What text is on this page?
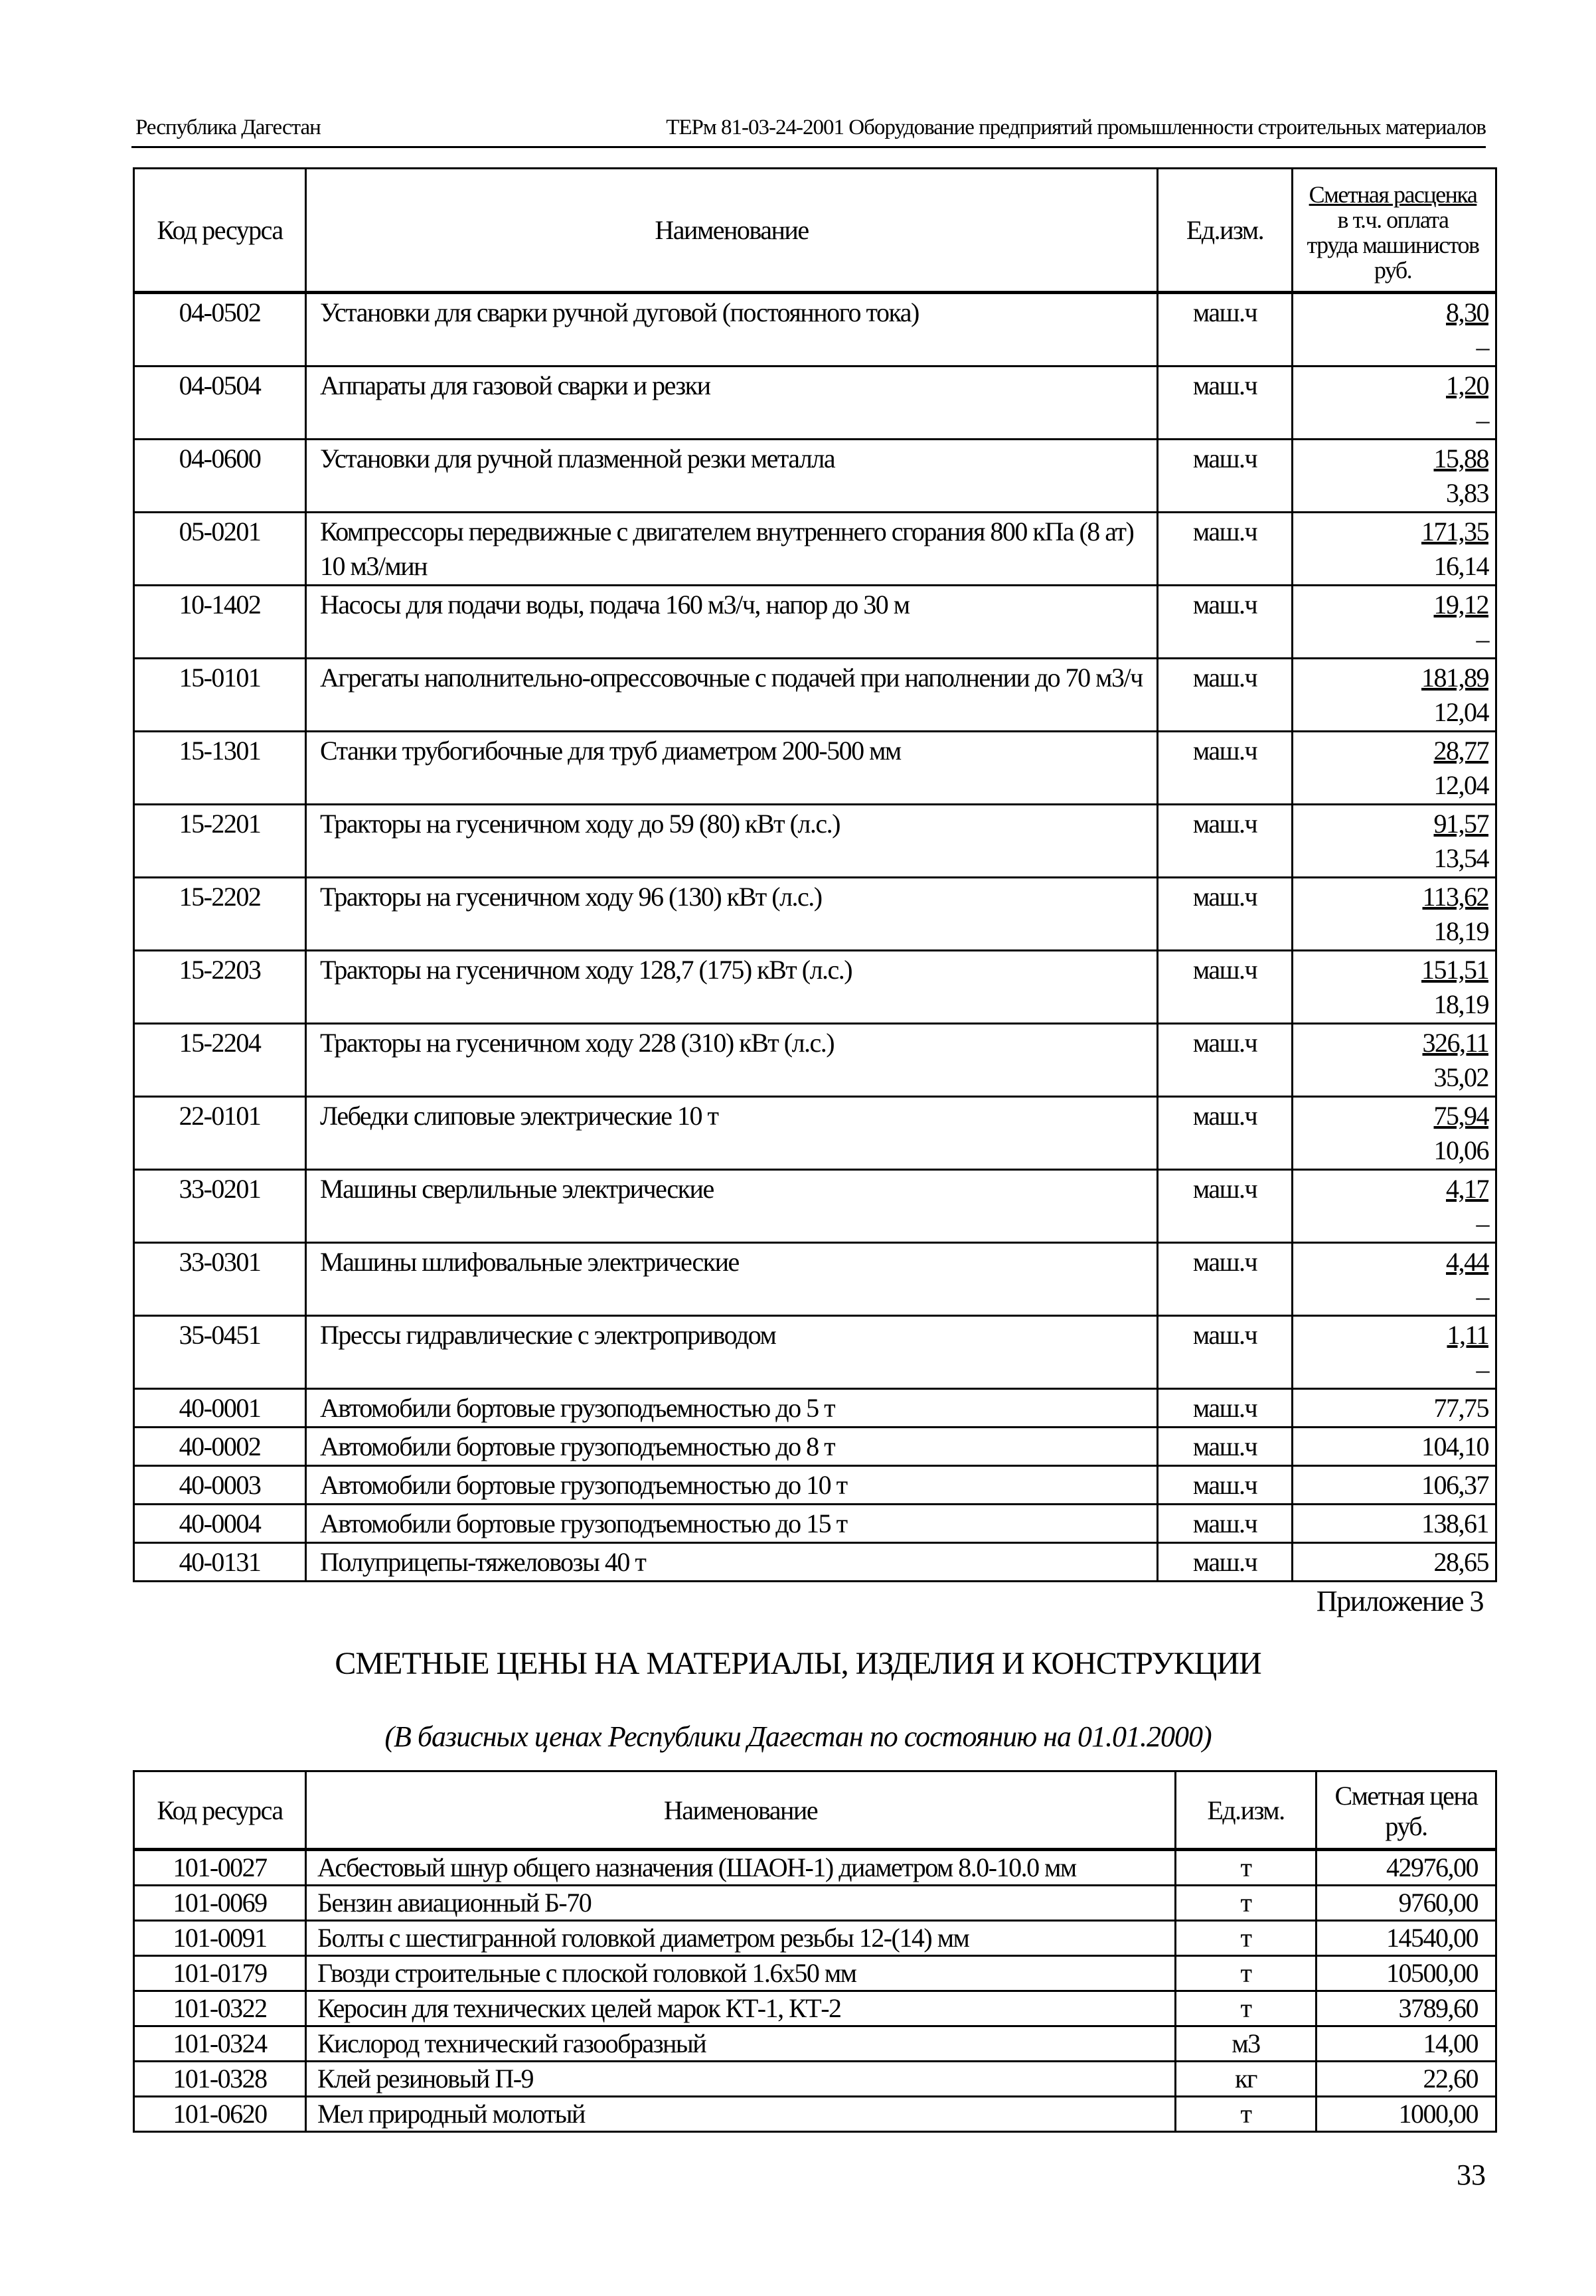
Республика Дагестан	ТЕРм 81-03-24-2001 Оборудование предприятий промышленности строительных материалов
Код ресурса	Наименование	Ед.изм.	Сметная расценка
в т.ч. оплата
труда машинистов
руб.
04-0502	Установки для сварки ручной дуговой (постоянного тока)	маш.ч	8,30
–

04-0504	Аппараты для газовой сварки и резки	маш.ч	1,20
–

04-0600	Установки для ручной плазменной резки металла	маш.ч	15,88
3,83

05-0201	Компрессоры передвижные с двигателем внутреннего сгорания 800 кПа (8 ат) 10 м3/мин	маш.ч	171,35
16,14

10-1402	Насосы для подачи воды, подача 160 м3/ч, напор до 30 м	маш.ч	19,12
–

15-0101	Агрегаты наполнительно-опрессовочные с подачей при наполнении до 70 м3/ч	маш.ч	181,89
12,04

15-1301	Станки трубогибочные для труб диаметром 200-500 мм	маш.ч	28,77
12,04

15-2201	Тракторы на гусеничном ходу до 59 (80) кВт (л.с.)	маш.ч	91,57
13,54

15-2202	Тракторы на гусеничном ходу 96 (130) кВт (л.с.)	маш.ч	113,62
18,19

15-2203	Тракторы на гусеничном ходу 128,7 (175) кВт (л.с.)	маш.ч	151,51
18,19

15-2204	Тракторы на гусеничном ходу 228 (310) кВт (л.с.)	маш.ч	326,11
35,02

22-0101	Лебедки слиповые электрические 10 т	маш.ч	75,94
10,06

33-0201	Машины сверлильные электрические	маш.ч	4,17
–

33-0301	Машины шлифовальные электрические	маш.ч	4,44
–

35-0451	Прессы гидравлические с электроприводом	маш.ч	1,11
–

40-0001	Автомобили бортовые грузоподъемностью до 5 т	маш.ч	77,75
40-0002	Автомобили бортовые грузоподъемностью до 8 т	маш.ч	104,10
40-0003	Автомобили бортовые грузоподъемностью до 10 т	маш.ч	106,37
40-0004	Автомобили бортовые грузоподъемностью до 15 т	маш.ч	138,61
40-0131	Полуприцепы-тяжеловозы 40 т	маш.ч	28,65
Приложение 3
СМЕТНЫЕ ЦЕНЫ НА МАТЕРИАЛЫ, ИЗДЕЛИЯ И КОНСТРУКЦИИ
(В базисных ценах Республики Дагестан по состоянию на 01.01.2000)
Код ресурса	Наименование	Ед.изм.	Сметная цена
руб.
101-0027	Асбестовый шнур общего назначения (ШАОН-1) диаметром 8.0-10.0 мм	т	42976,00
101-0069	Бензин авиационный Б-70	т	9760,00
101-0091	Болты с шестигранной головкой диаметром резьбы 12-(14) мм	т	14540,00
101-0179	Гвозди строительные с плоской головкой 1.6х50 мм	т	10500,00
101-0322	Керосин для технических целей марок КТ-1, КТ-2	т	3789,60
101-0324	Кислород технический газообразный	м3	14,00
101-0328	Клей резиновый П-9	кг	22,60
101-0620	Мел природный молотый	т	1000,00
33
